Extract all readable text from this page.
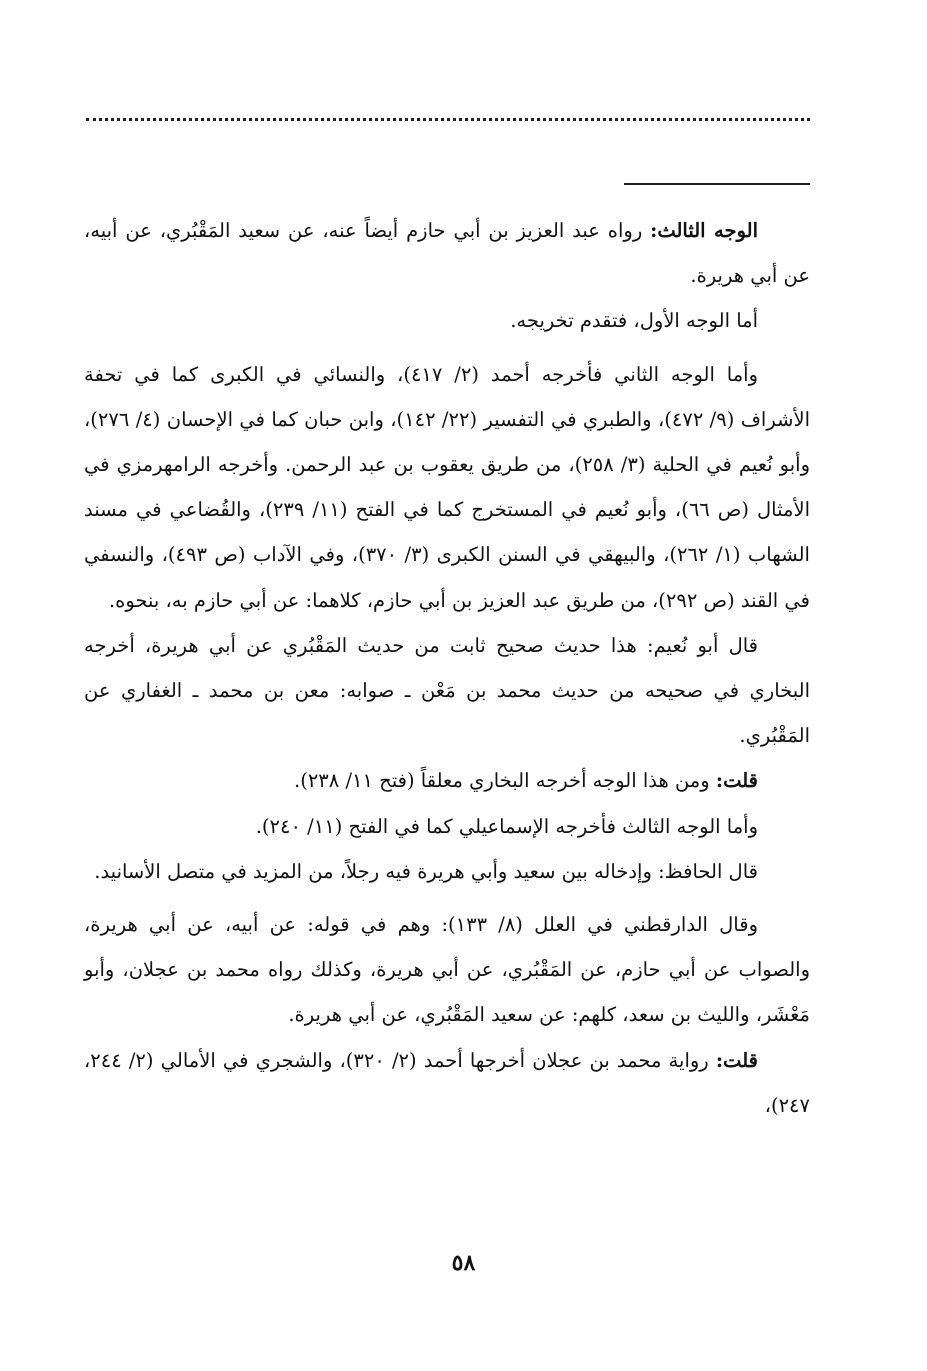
الوجه الثالث: رواه عبد العزيز بن أبي حازم أيضاً عنه، عن سعيد المَقْبُري، عن أبيه، عن أبي هريرة.

أما الوجه الأول، فتقدم تخريجه.

وأما الوجه الثاني فأخرجه أحمد (٢/ ٤١٧)، والنسائي في الكبرى كما في تحفة الأشراف (٩/ ٤٧٢)، والطبري في التفسير (٢٢/ ١٤٢)، وابن حبان كما في الإحسان (٤/ ٢٧٦)، وأبو نُعيم في الحلية (٣/ ٢٥٨)، من طريق يعقوب بن عبد الرحمن. وأخرجه الرامهرمزي في الأمثال (ص ٦٦)، وأبو نُعيم في المستخرج كما في الفتح (١١/ ٢٣٩)، والقُضاعي في مسند الشهاب (١/ ٢٦٢)، والبيهقي في السنن الكبرى (٣/ ٣٧٠)، وفي الآداب (ص ٤٩٣)، والنسفي في القند (ص ٢٩٢)، من طريق عبد العزيز بن أبي حازم، كلاهما: عن أبي حازم به، بنحوه.

قال أبو نُعيم: هذا حديث صحيح ثابت من حديث المَقْبُري عن أبي هريرة، أخرجه البخاري في صحيحه من حديث محمد بن مَعْن ـ صوابه: معن بن محمد ـ الغفاري عن المَقْبُري.

قلت: ومن هذا الوجه أخرجه البخاري معلقاً (فتح ١١/ ٢٣٨).

وأما الوجه الثالث فأخرجه الإسماعيلي كما في الفتح (١١/ ٢٤٠).

قال الحافظ: وإدخاله بين سعيد وأبي هريرة فيه رجلاً، من المزيد في متصل الأسانيد.

وقال الدارقطني في العلل (٨/ ١٣٣): وهم في قوله: عن أبيه، عن أبي هريرة، والصواب عن أبي حازم، عن المَقْبُري، عن أبي هريرة، وكذلك رواه محمد بن عجلان، وأبو مَعْشَر، والليث بن سعد، كلهم: عن سعيد المَقْبُري، عن أبي هريرة.

قلت: رواية محمد بن عجلان أخرجها أحمد (٢/ ٣٢٠)، والشجري في الأمالي (٢/ ٢٤٤، ٢٤٧)،

٥٨
